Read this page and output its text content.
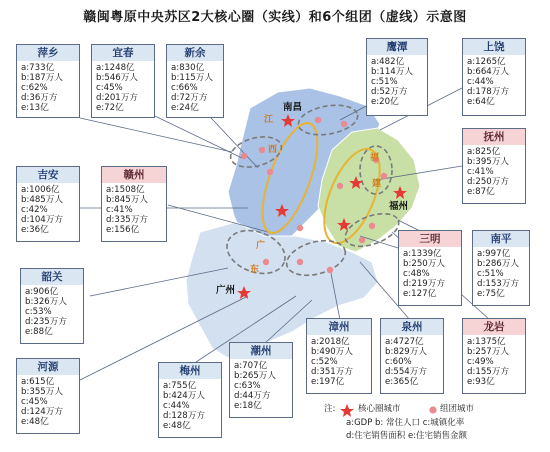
赣闽粤原中央苏区2大核心圈（实线）和6个组团（虚线）示意图
南昌
福州
广州
江
西
福
建
广
东
萍乡
a:733亿
b:187万人
c:62%
d:36万方
e:13亿
宜春
a:1248亿
b:546万人
c:45%
d:201万方
e:72亿
新余
a:830亿
b:115万人
c:66%
d:72万方
e:24亿
鹰潭
a:482亿
b:114万人
c:51%
d:52万方
e:20亿
上饶
a:1265亿
b:664万人
c:44%
d:178万方
e:64亿
抚州
a:825亿
b:395万人
c:41%
d:250万方
e:87亿
吉安
a:1006亿
b:485万人
c:42%
d:104万方
e:36亿
赣州
a:1508亿
b:845万人
c:41%
d:335万方
e:156亿
三明
a:1339亿
b:250万人
c:48%
d:219万方
e:127亿
南平
a:997亿
b:286万人
c:51%
d:153万方
e:75亿
韶关
a:906亿
b:326万人
c:53%
d:235万方
e:88亿
河源
a:615亿
b:355万人
c:45%
d:124万方
e:48亿
梅州
a:755亿
b:424万人
c:44%
d:128万方
e:48亿
潮州
a:707亿
b:265万人
c:63%
d:44万方
e:18亿
漳州
a:2018亿
b:490万人
c:52%
d:351万方
e:197亿
泉州
a:4727亿
b:829万人
c:60%
d:554万方
e:365亿
龙岩
a:1375亿
b:257万人
c:49%
d:155万方
e:93亿
注:	核心圈城市	组团城市
a:GDP b: 常住人口 c:城镇化率
d:住宅销售面积 e:住宅销售金额
